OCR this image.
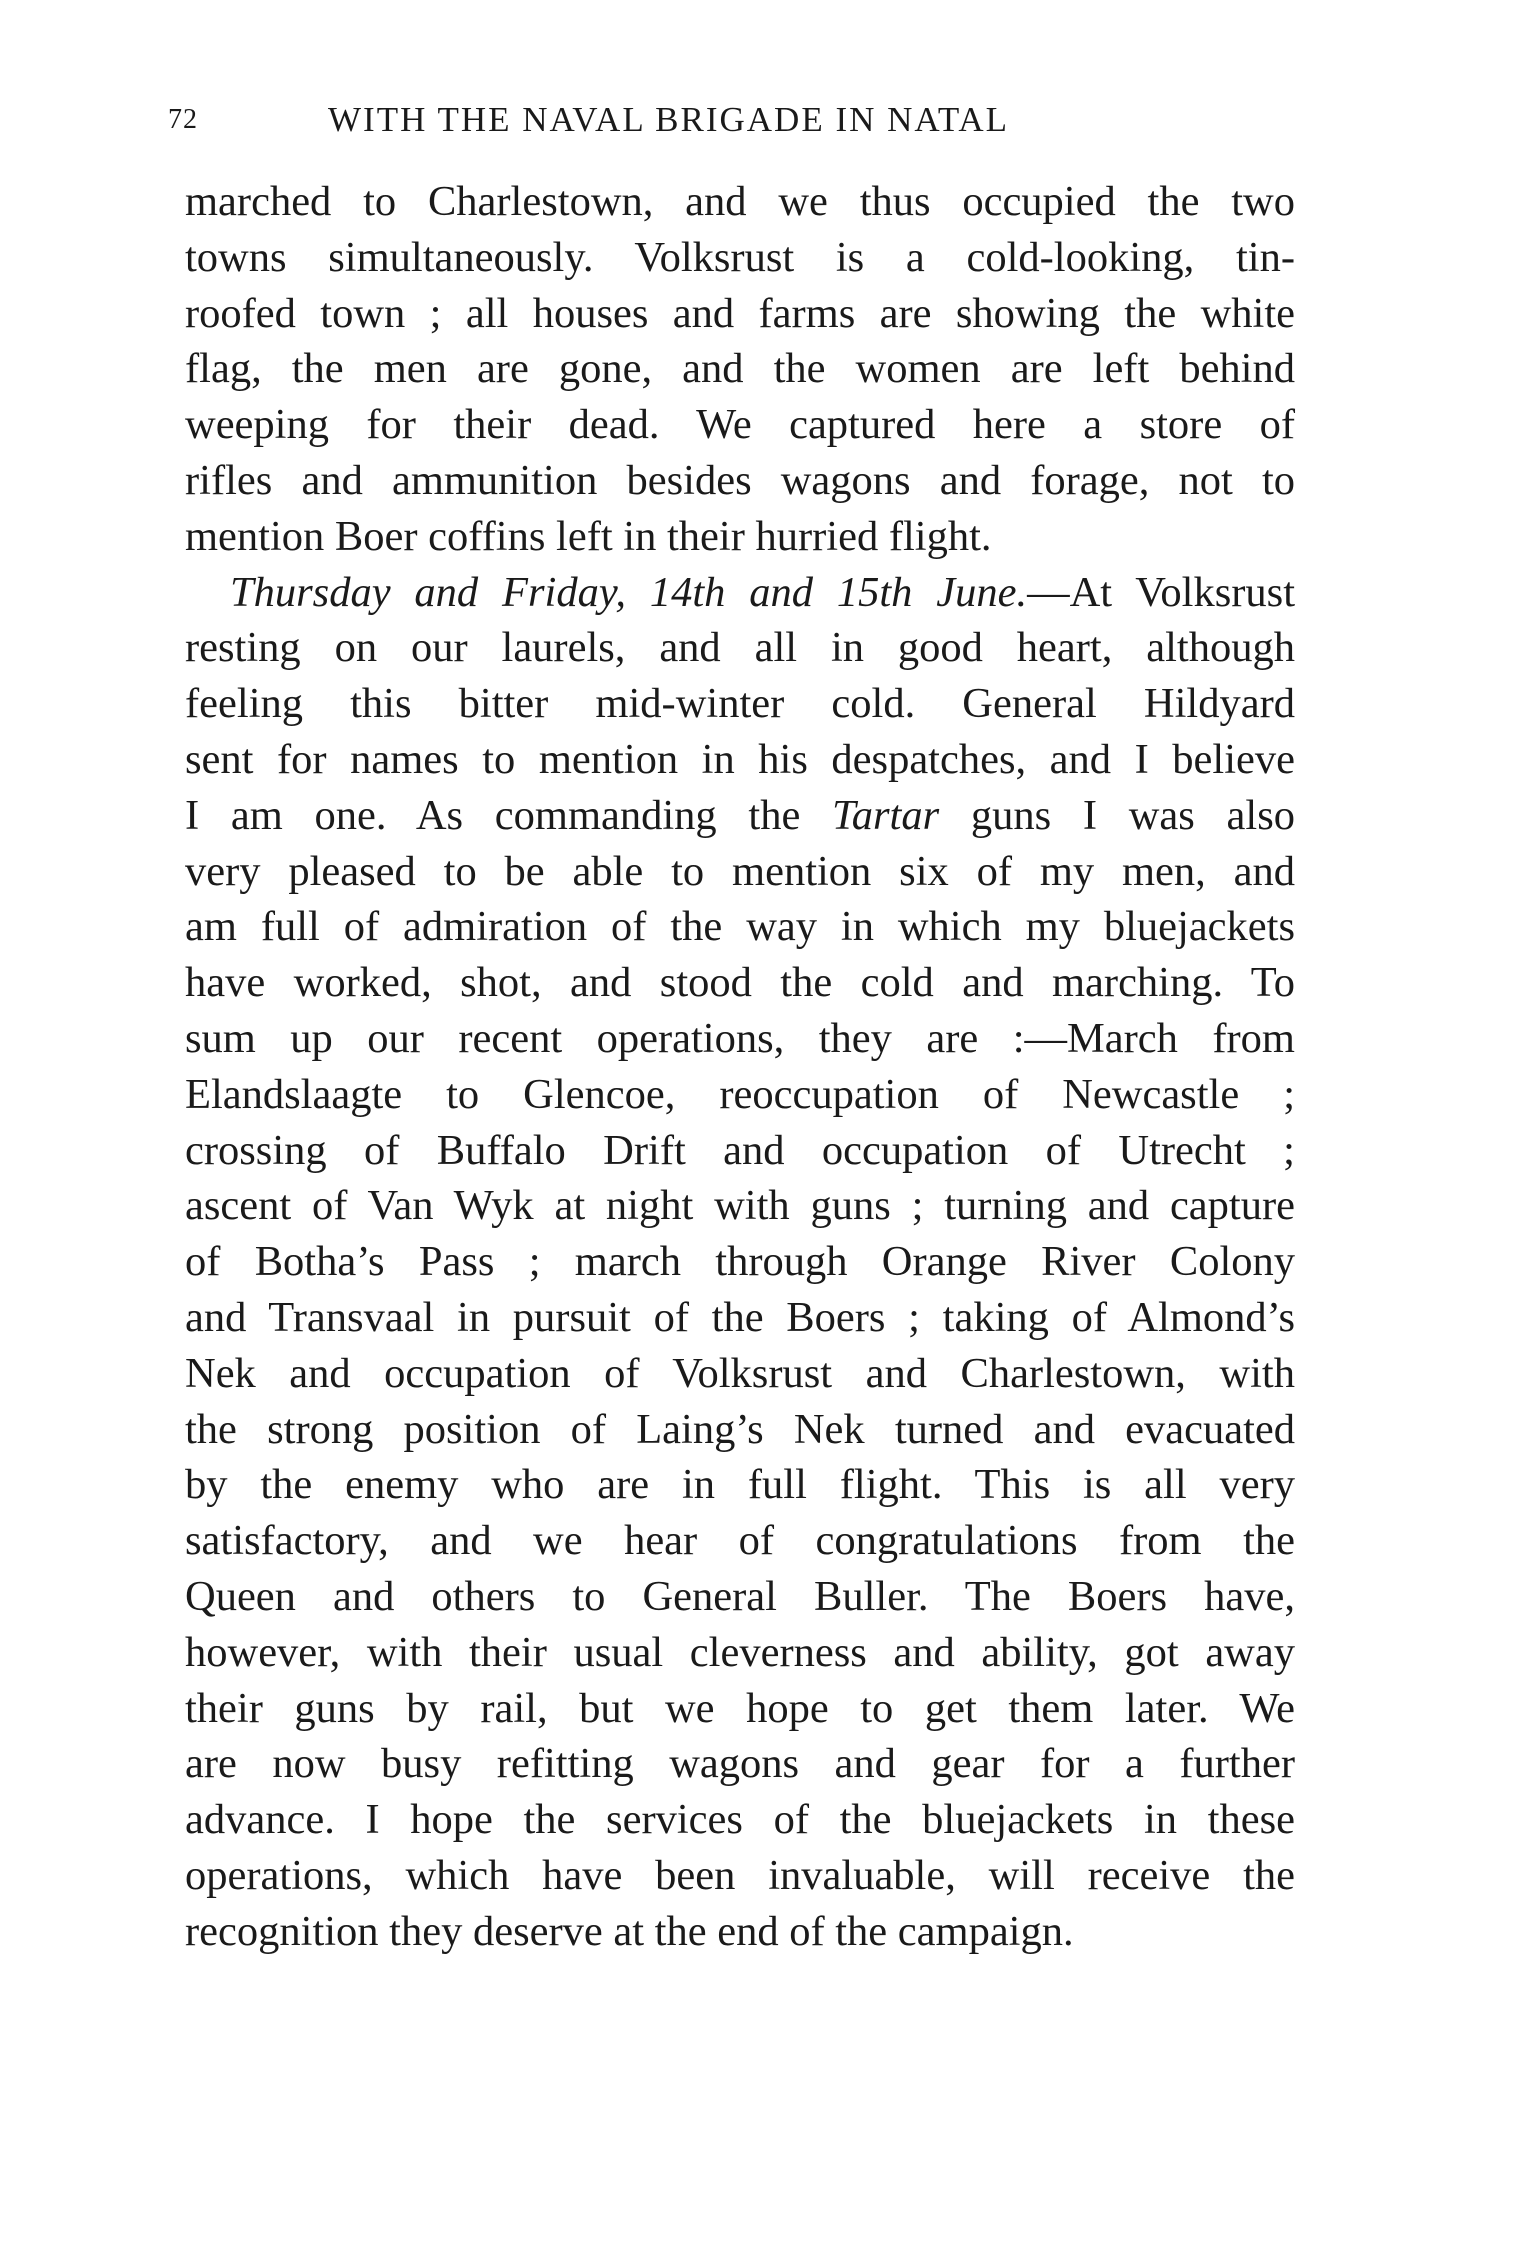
72	WITH THE NAVAL BRIGADE IN NATAL
marched to Charlestown, and we thus occupied the two
towns simultaneously. Volksrust is a cold-looking, tin-
roofed town ; all houses and farms are showing the white
flag, the men are gone, and the women are left behind
weeping for their dead. We captured here a store of
rifles and ammunition besides wagons and forage, not to
mention Boer coffins left in their hurried flight.
Thursday and Friday, 14th and 15th June.—At Volksrust
resting on our laurels, and all in good heart, although
feeling this bitter mid-winter cold. General Hildyard
sent for names to mention in his despatches, and I believe
I am one. As commanding the Tartar guns I was also
very pleased to be able to mention six of my men, and
am full of admiration of the way in which my bluejackets
have worked, shot, and stood the cold and marching. To
sum up our recent operations, they are :—March from
Elandslaagte to Glencoe, reoccupation of Newcastle ;
crossing of Buffalo Drift and occupation of Utrecht ;
ascent of Van Wyk at night with guns ; turning and capture
of Botha’s Pass ; march through Orange River Colony
and Transvaal in pursuit of the Boers ; taking of Almond’s
Nek and occupation of Volksrust and Charlestown, with
the strong position of Laing’s Nek turned and evacuated
by the enemy who are in full flight. This is all very
satisfactory, and we hear of congratulations from the
Queen and others to General Buller. The Boers have,
however, with their usual cleverness and ability, got away
their guns by rail, but we hope to get them later. We
are now busy refitting wagons and gear for a further
advance. I hope the services of the bluejackets in these
operations, which have been invaluable, will receive the
recognition they deserve at the end of the campaign.
